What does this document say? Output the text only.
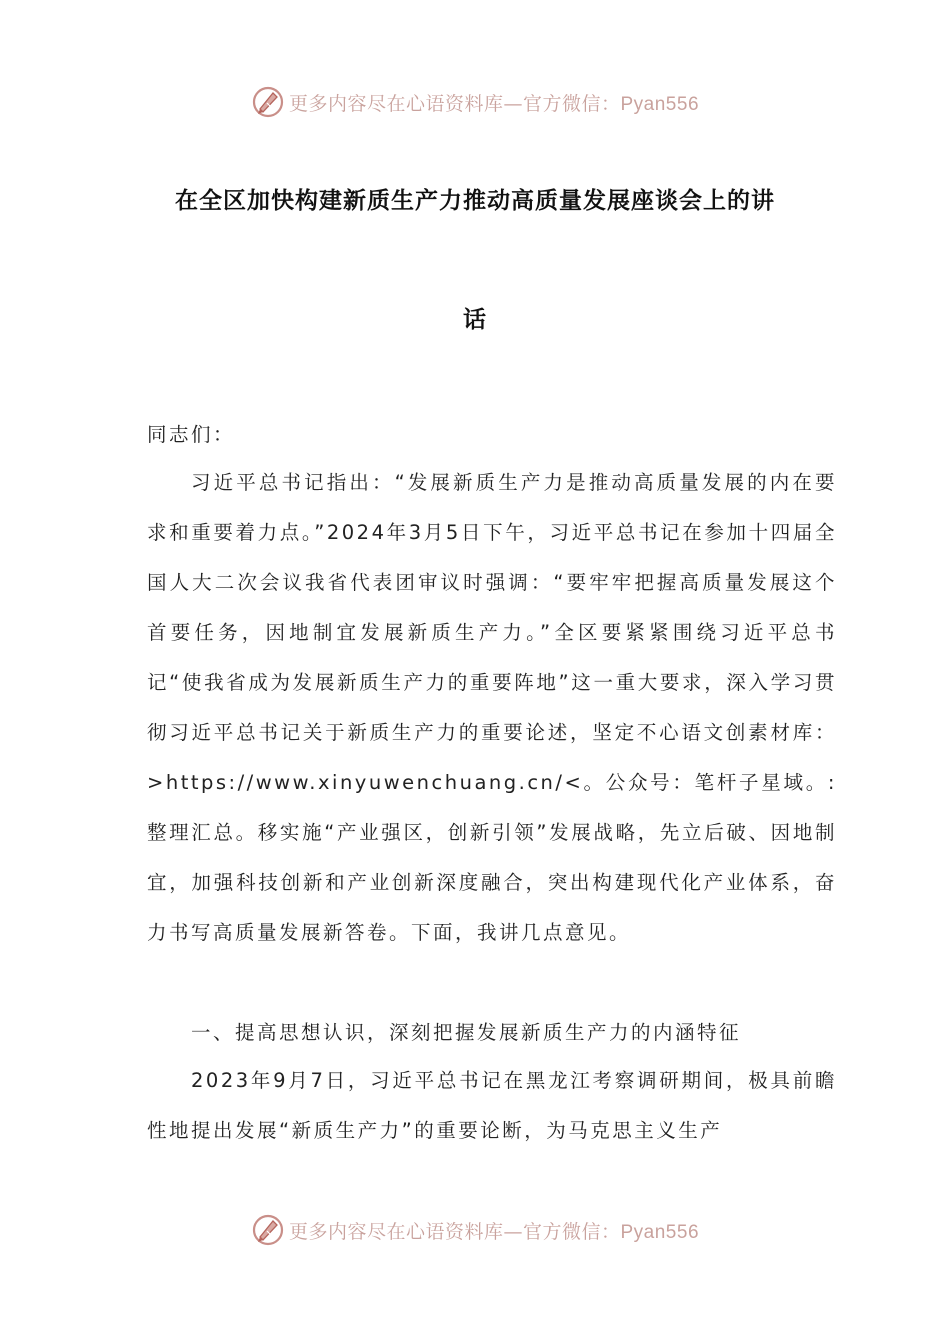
更多内容尽在心语资料库—官方微信：Pyan556
在全区加快构建新质生产力推动高质量发展座谈会上的讲
话
同志们：
习近平总书记指出：“发展新质生产力是推动高质量发展的内在要求和重要着力点。”2024年3月5日下午，习近平总书记在参加十四届全国人大二次会议我省代表团审议时强调：“要牢牢把握高质量发展这个首要任务，因地制宜发展新质生产力。”全区要紧紧围绕习近平总书记“使我省成为发展新质生产力的重要阵地”这一重大要求，深入学习贯彻习近平总书记关于新质生产力的重要论述，坚定不心语文创素材库：>https://www.xinyuwenchuang.cn/<。公众号：笔杆子星域。:整理汇总。移实施“产业强区，创新引领”发展战略，先立后破、因地制宜，加强科技创新和产业创新深度融合，突出构建现代化产业体系，奋力书写高质量发展新答卷。下面，我讲几点意见。
一、提高思想认识，深刻把握发展新质生产力的内涵特征
2023年9月7日，习近平总书记在黑龙江考察调研期间，极具前瞻性地提出发展“新质生产力”的重要论断，为马克思主义生产
更多内容尽在心语资料库—官方微信：Pyan556
